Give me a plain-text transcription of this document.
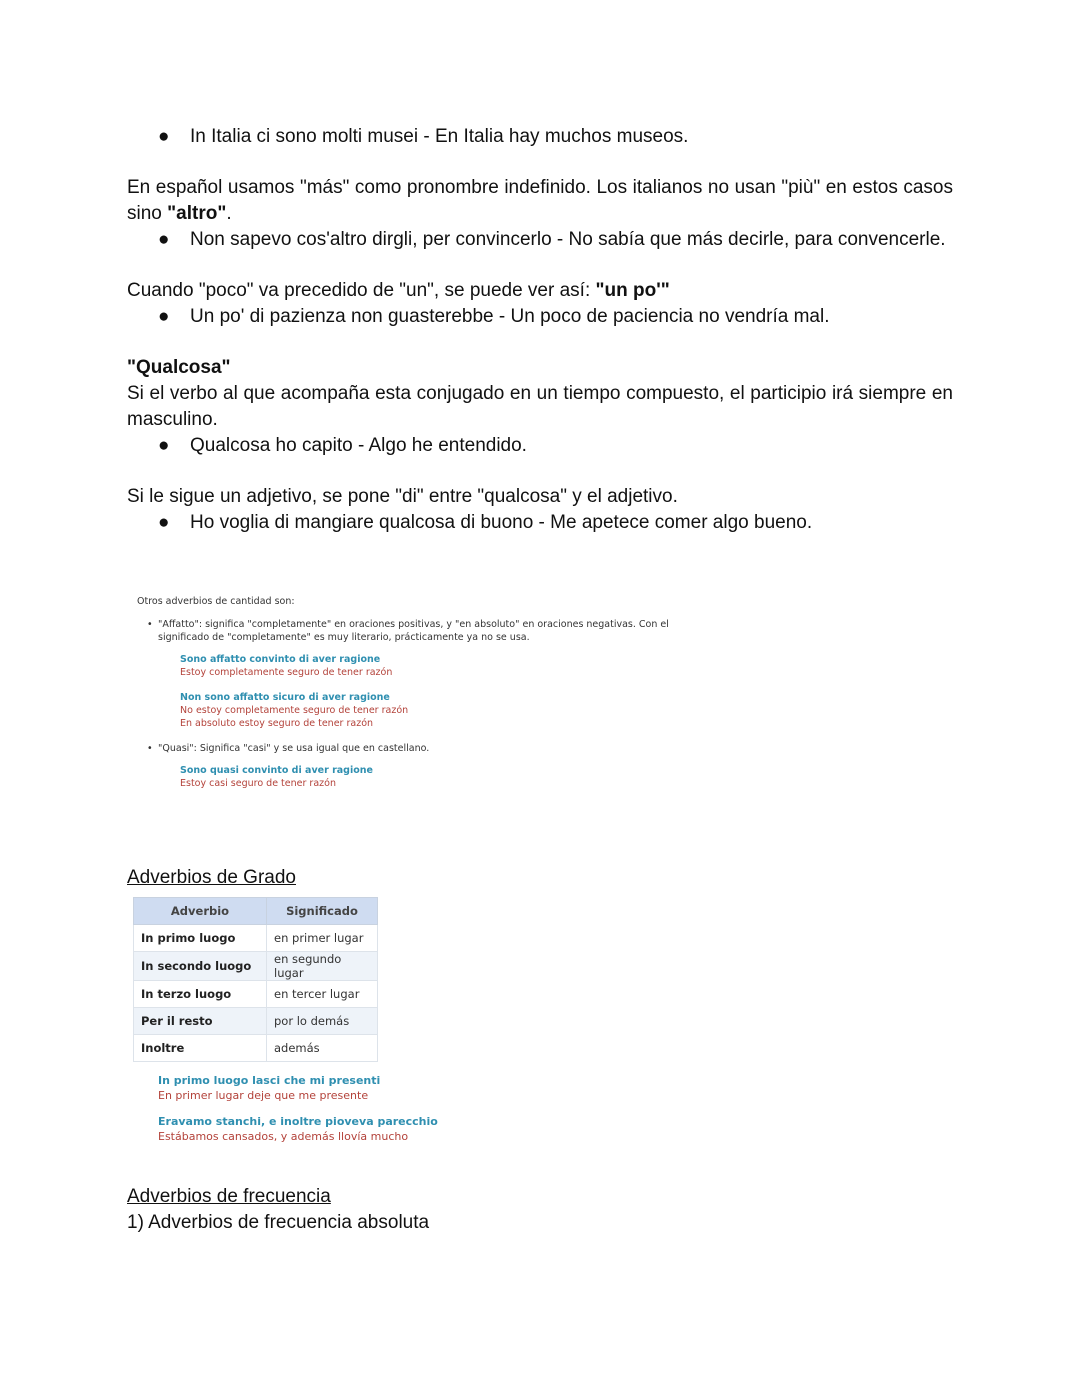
● In Italia ci sono molti musei - En Italia hay muchos museos.

En español usamos "más" como pronombre indefinido. Los italianos no usan "più" en estos casos sino "altro".

● Non sapevo cos'altro dirgli, per convincerlo - No sabía que más decirle, para convencerle.

Cuando "poco" va precedido de "un", se puede ver así: "un po'"

● Un po' di pazienza non guasterebbe - Un poco de paciencia no vendría mal.

"Qualcosa"

Si el verbo al que acompaña esta conjugado en un tiempo compuesto, el participio irá siempre en masculino.

● Qualcosa ho capito - Algo he entendido.

Si le sigue un adjetivo, se pone "di" entre "qualcosa" y el adjetivo.

● Ho voglia di mangiare qualcosa di buono - Me apetece comer algo bueno.

Otros adverbios de cantidad son:

• "Affatto": significa "completamente" en oraciones positivas, y "en absoluto" en oraciones negativas. Con el significado de "completamente" es muy literario, prácticamente ya no se usa.
Sono affatto convinto di aver ragione
Estoy completamente seguro de tener razón
Non sono affatto sicuro di aver ragione
No estoy completamente seguro de tener razón
En absoluto estoy seguro de tener razón
• "Quasi": Significa "casi" y se usa igual que en castellano.
Sono quasi convinto di aver ragione
Estoy casi seguro de tener razón

Adverbios de Grado

Adverbio	Significado
In primo luogo	en primer lugar
In secondo luogo	en segundo lugar
In terzo luogo	en tercer lugar
Per il resto	por lo demás
Inoltre	además
In primo luogo lasci che mi presenti
En primer lugar deje que me presente
Eravamo stanchi, e inoltre pioveva parecchio
Estábamos cansados, y además llovía mucho

Adverbios de frecuencia

1) Adverbios de frecuencia absoluta
